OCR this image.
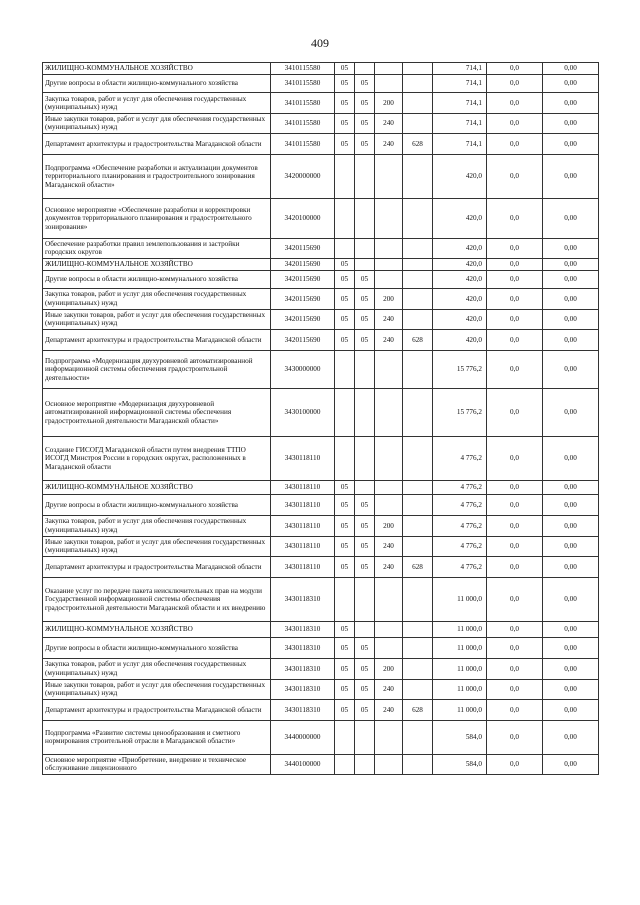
409
ЖИЛИЩНО-КОММУНАЛЬНОЕ ХОЗЯЙСТВО	3410115580	05				714,1	0,0	0,00
Другие вопросы в области жилищно-коммунального хозяйства	3410115580	05	05			714,1	0,0	0,00
Закупка товаров, работ и услуг для обеспечения государственных (муниципальных) нужд	3410115580	05	05	200		714,1	0,0	0,00
Иные закупки товаров, работ и услуг для обеспечения государственных (муниципальных) нужд	3410115580	05	05	240		714,1	0,0	0,00
Департамент архитектуры и градостроительства Магаданской области	3410115580	05	05	240	628	714,1	0,0	0,00
Подпрограмма «Обеспечение разработки и актуализации документов территориального планирования и градостроительного зонирования Магаданской области»	3420000000					420,0	0,0	0,00
Основное мероприятие «Обеспечение разработки и корректировки документов территориального планирования и градостроительного зонирования»	3420100000					420,0	0,0	0,00
Обеспечение разработки правил землепользования и застройки городских округов	3420115690					420,0	0,0	0,00
ЖИЛИЩНО-КОММУНАЛЬНОЕ ХОЗЯЙСТВО	3420115690	05				420,0	0,0	0,00
Другие вопросы в области жилищно-коммунального хозяйства	3420115690	05	05			420,0	0,0	0,00
Закупка товаров, работ и услуг для обеспечения государственных (муниципальных) нужд	3420115690	05	05	200		420,0	0,0	0,00
Иные закупки товаров, работ и услуг для обеспечения государственных (муниципальных) нужд	3420115690	05	05	240		420,0	0,0	0,00
Департамент архитектуры и градостроительства Магаданской области	3420115690	05	05	240	628	420,0	0,0	0,00
Подпрограмма «Модернизация двухуровневой автоматизированной информационной системы обеспечения градостроительной деятельности»	3430000000					15 776,2	0,0	0,00
Основное мероприятие «Модернизация двухуровневой автоматизированной информационной системы обеспечения градостроительной деятельности Магаданской области»	3430100000					15 776,2	0,0	0,00
Создание ГИСОГД Магаданской области путем внедрения ТТПО ИСОГД Минстроя России в городских округах, расположенных в Магаданской области	3430118110					4 776,2	0,0	0,00
ЖИЛИЩНО-КОММУНАЛЬНОЕ ХОЗЯЙСТВО	3430118110	05				4 776,2	0,0	0,00
Другие вопросы в области жилищно-коммунального хозяйства	3430118110	05	05			4 776,2	0,0	0,00
Закупка товаров, работ и услуг для обеспечения государственных (муниципальных) нужд	3430118110	05	05	200		4 776,2	0,0	0,00
Иные закупки товаров, работ и услуг для обеспечения государственных (муниципальных) нужд	3430118110	05	05	240		4 776,2	0,0	0,00
Департамент архитектуры и градостроительства Магаданской области	3430118110	05	05	240	628	4 776,2	0,0	0,00
Оказание услуг по передаче пакета неисключительных прав на модули Государственной информационной системы обеспечения градостроительной деятельности Магаданской области и их внедрению	3430118310					11 000,0	0,0	0,00
ЖИЛИЩНО-КОММУНАЛЬНОЕ ХОЗЯЙСТВО	3430118310	05				11 000,0	0,0	0,00
Другие вопросы в области жилищно-коммунального хозяйства	3430118310	05	05			11 000,0	0,0	0,00
Закупка товаров, работ и услуг для обеспечения государственных (муниципальных) нужд	3430118310	05	05	200		11 000,0	0,0	0,00
Иные закупки товаров, работ и услуг для обеспечения государственных (муниципальных) нужд	3430118310	05	05	240		11 000,0	0,0	0,00
Департамент архитектуры и градостроительства Магаданской области	3430118310	05	05	240	628	11 000,0	0,0	0,00
Подпрограмма «Развитие системы ценообразования и сметного нормирования строительной отрасли в Магаданской области»	3440000000					584,0	0,0	0,00
Основное мероприятие «Приобретение, внедрение и техническое обслуживание лицензионного	3440100000					584,0	0,0	0,00
